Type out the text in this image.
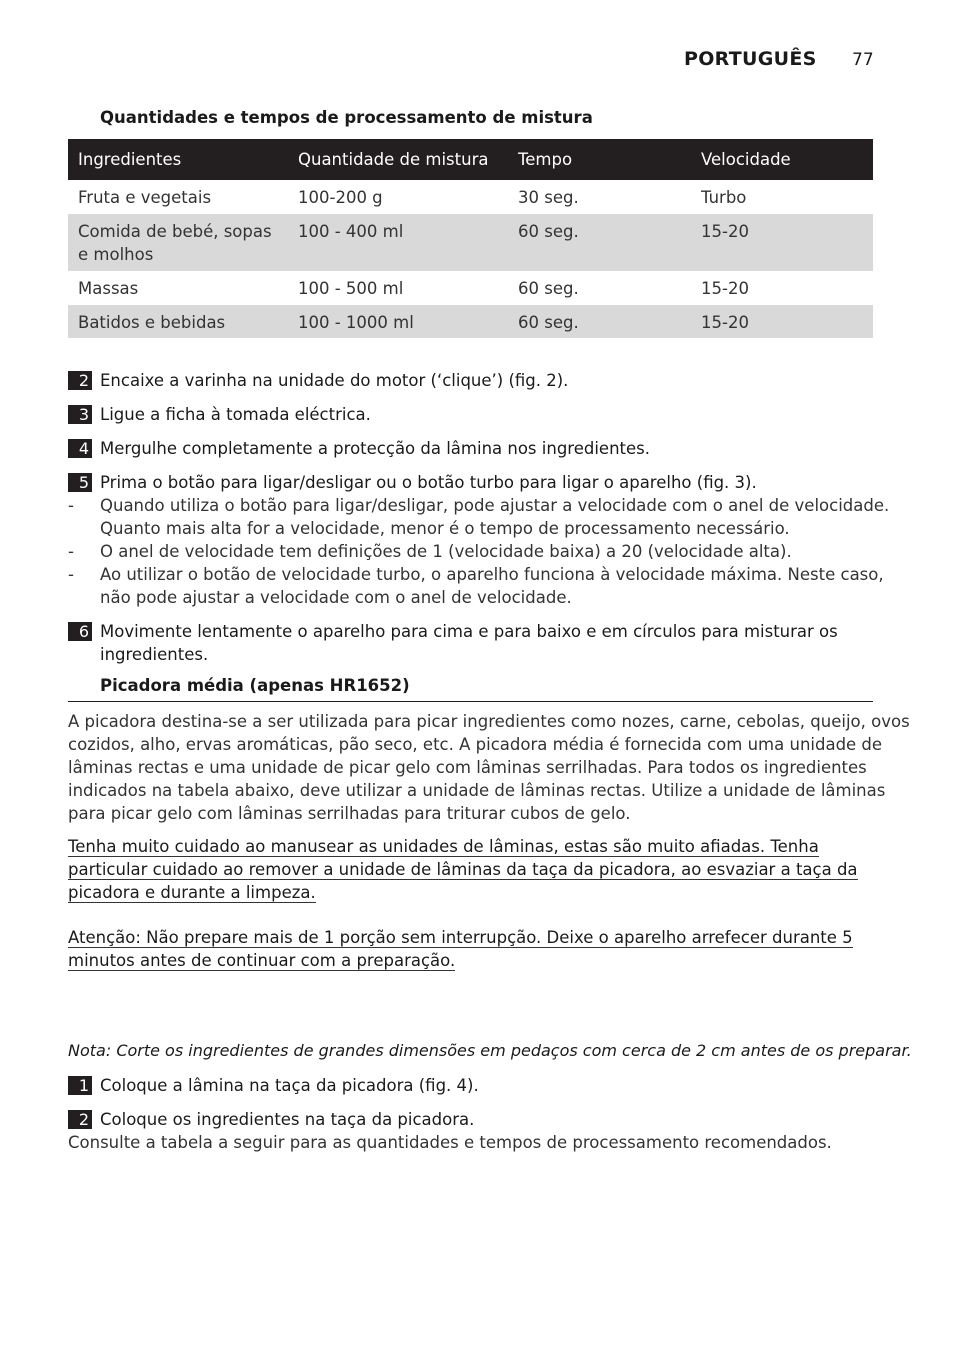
PORTUGUÊS 77
Quantidades e tempos de processamento de mistura
Ingredientes	Quantidade de mistura	Tempo	Velocidade
Fruta e vegetais	100-200 g	30 seg.	Turbo
Comida de bebé, sopas e molhos	100 - 400 ml	60 seg.	15-20
Massas	100 - 500 ml	60 seg.	15-20
Batidos e bebidas	100 - 1000 ml	60 seg.	15-20
2 Encaixe a varinha na unidade do motor (‘clique’) (fig. 2).
3 Ligue a ficha à tomada eléctrica.
4 Mergulhe completamente a protecção da lâmina nos ingredientes.
5 Prima o botão para ligar/desligar ou o botão turbo para ligar o aparelho (fig. 3).
- Quando utiliza o botão para ligar/desligar, pode ajustar a velocidade com o anel de velocidade.
Quanto mais alta for a velocidade, menor é o tempo de processamento necessário.
- O anel de velocidade tem definições de 1 (velocidade baixa) a 20 (velocidade alta).
- Ao utilizar o botão de velocidade turbo, o aparelho funciona à velocidade máxima. Neste caso,
não pode ajustar a velocidade com o anel de velocidade.
6 Movimente lentamente o aparelho para cima e para baixo e em círculos para misturar os
ingredientes.
Picadora média (apenas HR1652)
A picadora destina-se a ser utilizada para picar ingredientes como nozes, carne, cebolas, queijo, ovos
cozidos, alho, ervas aromáticas, pão seco, etc. A picadora média é fornecida com uma unidade de
lâminas rectas e uma unidade de picar gelo com lâminas serrilhadas. Para todos os ingredientes
indicados na tabela abaixo, deve utilizar a unidade de lâminas rectas. Utilize a unidade de lâminas
para picar gelo com lâminas serrilhadas para triturar cubos de gelo.
Tenha muito cuidado ao manusear as unidades de lâminas, estas são muito afiadas. Tenha
particular cuidado ao remover a unidade de lâminas da taça da picadora, ao esvaziar a taça da
picadora e durante a limpeza.
Atenção: Não prepare mais de 1 porção sem interrupção. Deixe o aparelho arrefecer durante 5
minutos antes de continuar com a preparação.
Nota: Corte os ingredientes de grandes dimensões em pedaços com cerca de 2 cm antes de os preparar.
1 Coloque a lâmina na taça da picadora (fig. 4).
2 Coloque os ingredientes na taça da picadora.
Consulte a tabela a seguir para as quantidades e tempos de processamento recomendados.
